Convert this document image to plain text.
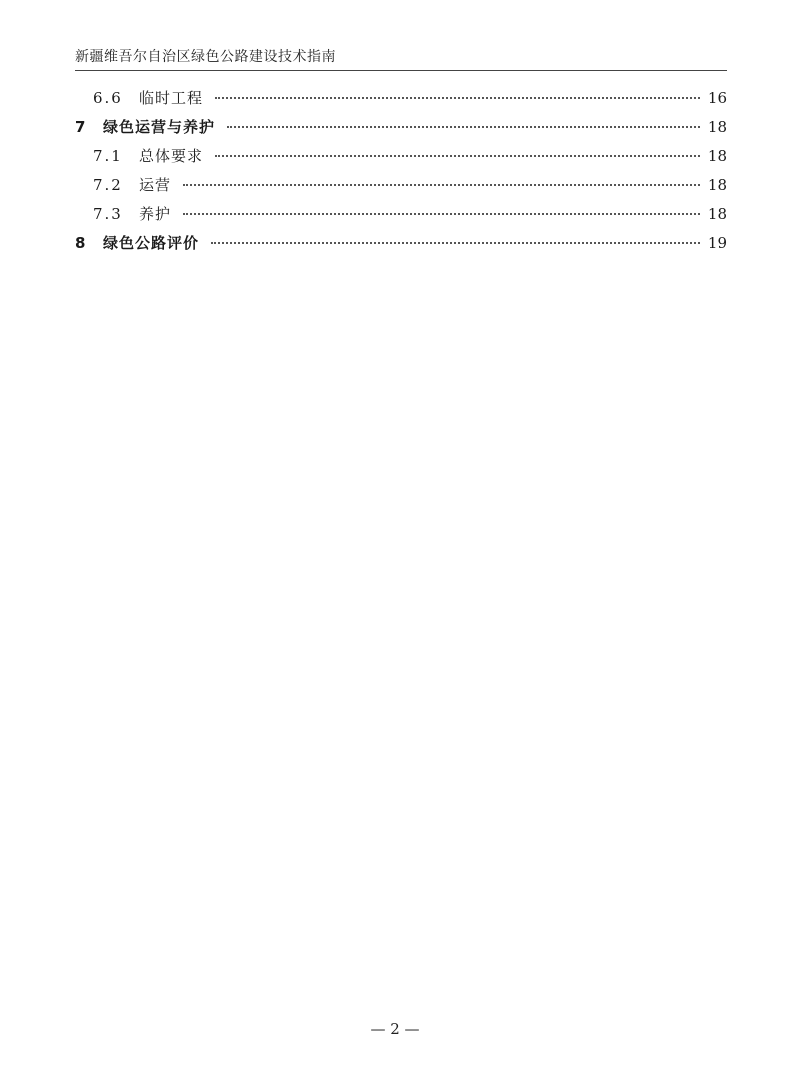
新疆维吾尔自治区绿色公路建设技术指南
6.6	临时工程	16
7	绿色运营与养护	18
7.1	总体要求	18
7.2	运营	18
7.3	养护	18
8	绿色公路评价	19
— 2 —
